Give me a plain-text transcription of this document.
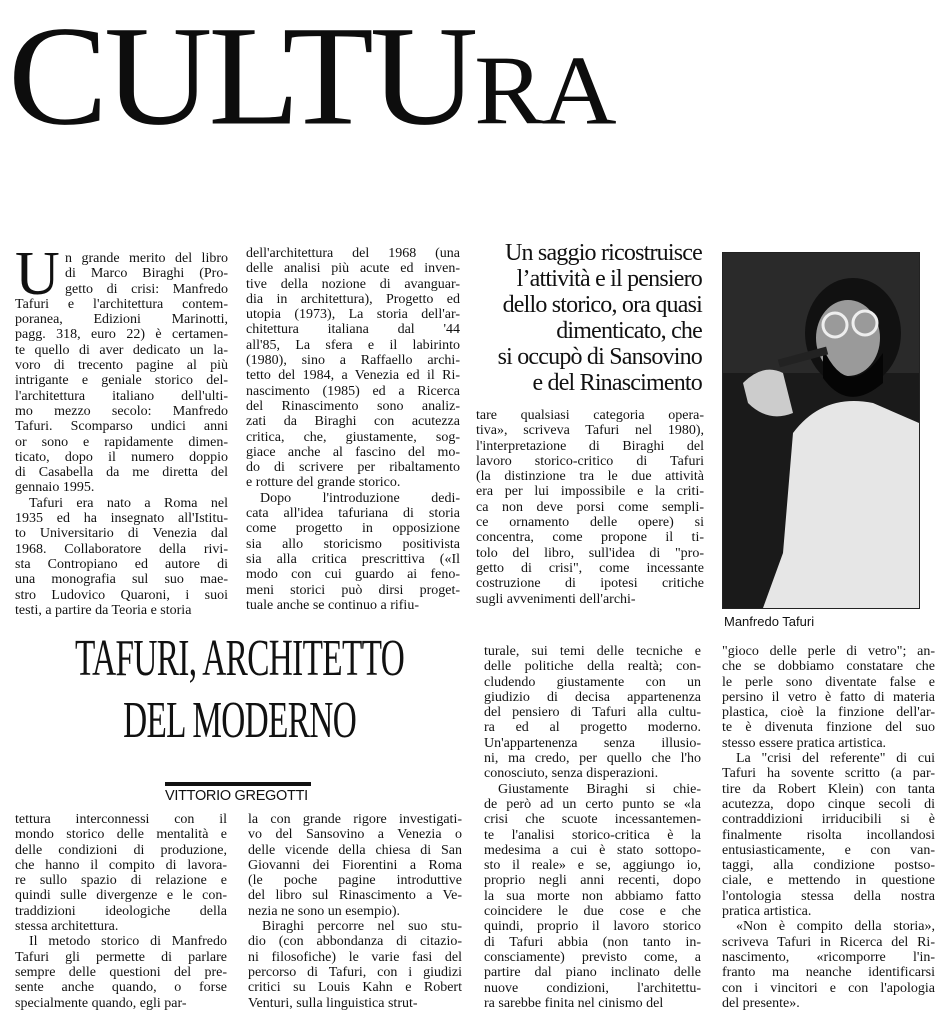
CULTURA
U n grande merito del libro
di Marco Biraghi (Pro-
getto di crisi: Manfredo
Tafuri e l'architettura contem-
poranea, Edizioni Marinotti,
pagg. 318, euro 22) è certamen-
te quello di aver dedicato un la-
voro di trecento pagine al più
intrigante e geniale storico del-
l'architettura italiano dell'ulti-
mo mezzo secolo: Manfredo
Tafuri. Scomparso undici anni
or sono e rapidamente dimen-
ticato, dopo il numero doppio
di Casabella da me diretta del
gennaio 1995.
Tafuri era nato a Roma nel
1935 ed ha insegnato all'Istitu-
to Universitario di Venezia dal
1968. Collaboratore della rivi-
sta Contropiano ed autore di
una monografia sul suo mae-
stro Ludovico Quaroni, i suoi
testi, a partire da Teoria e storia
dell'architettura del 1968 (una
delle analisi più acute ed inven-
tive della nozione di avanguar-
dia in architettura), Progetto ed
utopia (1973), La storia dell'ar-
chitettura italiana dal '44
all'85, La sfera e il labirinto
(1980), sino a Raffaello archi-
tetto del 1984, a Venezia ed il Ri-
nascimento (1985) ed a Ricerca
del Rinascimento sono analiz-
zati da Biraghi con acutezza
critica, che, giustamente, sog-
giace anche al fascino del mo-
do di scrivere per ribaltamento
e rotture del grande storico.
Dopo l'introduzione dedi-
cata all'idea tafuriana di storia
come progetto in opposizione
sia allo storicismo positivista
sia alla critica prescrittiva («Il
modo con cui guardo ai feno-
meni storici può dirsi proget-
tuale anche se continuo a rifiu-
Un saggio ricostruisce
l’attività e il pensiero
dello storico, ora quasi
dimenticato, che
si occupò di Sansovino
e del Rinascimento
tare qualsiasi categoria opera-
tiva», scriveva Tafuri nel 1980),
l'interpretazione di Biraghi del
lavoro storico-critico di Tafuri
(la distinzione tra le due attività
era per lui impossibile e la criti-
ca non deve porsi come sempli-
ce ornamento delle opere) si
concentra, come propone il ti-
tolo del libro, sull'idea di "pro-
getto di crisi", come incessante
costruzione di ipotesi critiche
sugli avvenimenti dell'archi-
Manfredo Tafuri
TAFURI, ARCHITETTO
DEL MODERNO
VITTORIO GREGOTTI
tettura interconnessi con il
mondo storico delle mentalità e
delle condizioni di produzione,
che hanno il compito di lavora-
re sullo spazio di relazione e
quindi sulle divergenze e le con-
traddizioni ideologiche della
stessa architettura.
Il metodo storico di Manfredo
Tafuri gli permette di parlare
sempre delle questioni del pre-
sente anche quando, o forse
specialmente quando, egli par-
la con grande rigore investigati-
vo del Sansovino a Venezia o
delle vicende della chiesa di San
Giovanni dei Fiorentini a Roma
(le poche pagine introduttive
del libro sul Rinascimento a Ve-
nezia ne sono un esempio).
Biraghi percorre nel suo stu-
dio (con abbondanza di citazio-
ni filosofiche) le varie fasi del
percorso di Tafuri, con i giudizi
critici su Louis Kahn e Robert
Venturi, sulla linguistica strut-
turale, sui temi delle tecniche e
delle politiche della realtà; con-
cludendo giustamente con un
giudizio di decisa appartenenza
del pensiero di Tafuri alla cultu-
ra ed al progetto moderno.
Un'appartenenza senza illusio-
ni, ma credo, per quello che l'ho
conosciuto, senza disperazioni.
Giustamente Biraghi si chie-
de però ad un certo punto se «la
crisi che scuote incessantemen-
te l'analisi storico-critica è la
medesima a cui è stato sottopo-
sto il reale» e se, aggiungo io,
proprio negli anni recenti, dopo
la sua morte non abbiamo fatto
coincidere le due cose e che
quindi, proprio il lavoro storico
di Tafuri abbia (non tanto in-
consciamente) previsto come, a
partire dal piano inclinato delle
nuove condizioni, l'architettu-
ra sarebbe finita nel cinismo del
"gioco delle perle di vetro"; an-
che se dobbiamo constatare che
le perle sono diventate false e
persino il vetro è fatto di materia
plastica, cioè la finzione dell'ar-
te è divenuta finzione del suo
stesso essere pratica artistica.
La "crisi del referente" di cui
Tafuri ha sovente scritto (a par-
tire da Robert Klein) con tanta
acutezza, dopo cinque secoli di
contraddizioni irriducibili si è
finalmente risolta incollandosi
entusiasticamente, e con van-
taggi, alla condizione postso-
ciale, e mettendo in questione
l'ontologia stessa della nostra
pratica artistica.
«Non è compito della storia»,
scriveva Tafuri in Ricerca del Ri-
nascimento, «ricomporre l'in-
franto ma neanche identificarsi
con i vincitori e con l'apologia
del presente».
